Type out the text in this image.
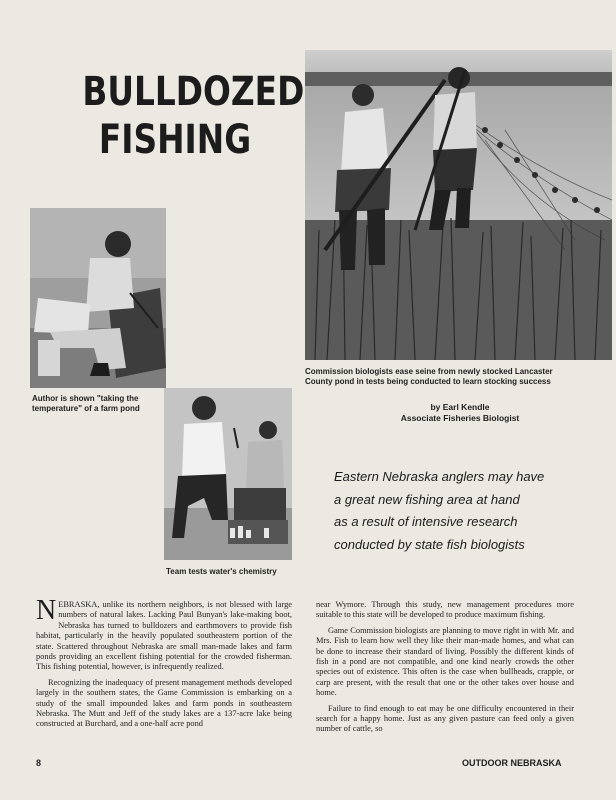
BULLDOZED
FISHING
Author is shown "taking the
temperature" of a farm pond
Team tests water's chemistry
Commission biologists ease seine from newly stocked Lancaster
County pond in tests being conducted to learn stocking success
by Earl Kendle
Associate Fisheries Biologist
Eastern Nebraska anglers may have
a great new fishing area at hand
as a result of intensive research
conducted by state fish biologists

NEBRASKA, unlike its northern neighbors, is not blessed with large numbers of natural lakes. Lacking Paul Bunyan's lake-making boot, Nebraska has turned to bulldozers and earthmovers to provide fish habitat, particularly in the heavily populated southeastern portion of the state. Scattered throughout Nebraska are small man-made lakes and farm ponds providing an excellent fishing potential for the crowded fisherman. This fishing potential, however, is infrequently realized.

Recognizing the inadequacy of present management methods developed largely in the southern states, the Game Commission is embarking on a study of the small impounded lakes and farm ponds in southeastern Nebraska. The Mutt and Jeff of the study lakes are a 137-acre lake being constructed at Burchard, and a one-half acre pond

near Wymore. Through this study, new management procedures more suitable to this state will be developed to produce maximum fishing.

Game Commission biologists are planning to move right in with Mr. and Mrs. Fish to learn how well they like their man-made homes, and what can be done to increase their standard of living. Possibly the different kinds of fish in a pond are not compatible, and one kind nearly crowds the other species out of existence. This often is the case when bullheads, crappie, or carp are present, with the result that one or the other takes over house and home.

Failure to find enough to eat may be one difficulty encountered in their search for a happy home. Just as any given pasture can feed only a given number of cattle, so

8	OUTDOOR NEBRASKA
